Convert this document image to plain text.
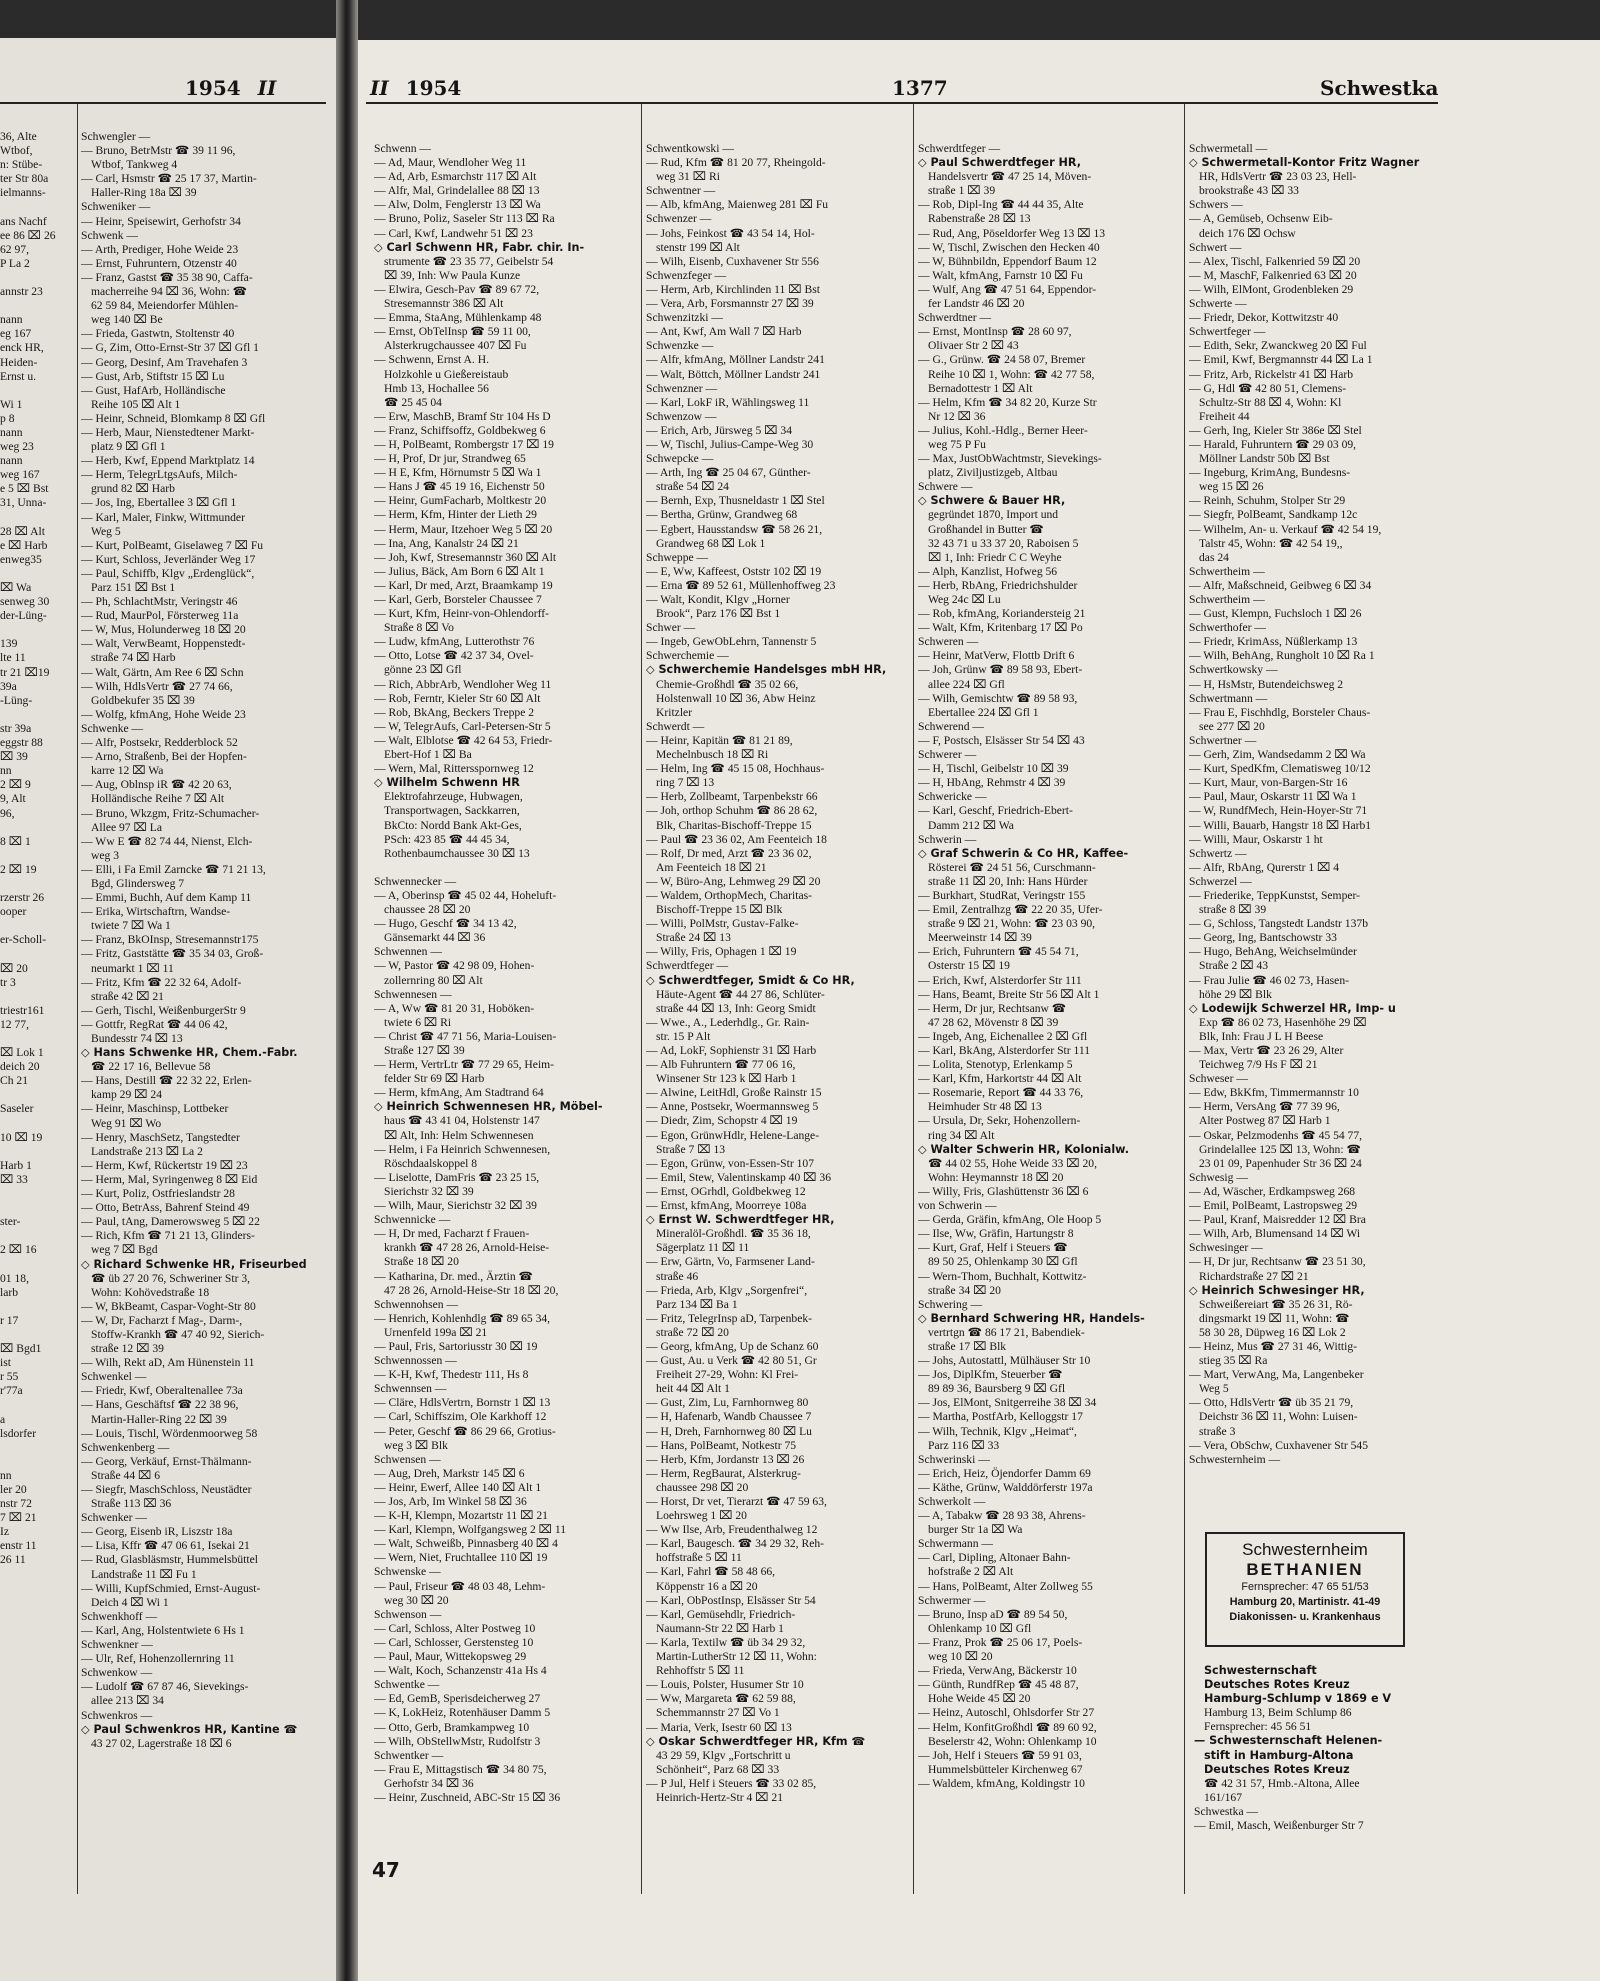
1954 II
36, Alte
Wtbof,
n: Stübe-
ter Str 80a
ielmanns-
ans Nachf
ee 86 ⌧ 26
62 97,
P La 2
annstr 23
nann
eg 167
enck HR,
Heiden-
Ernst u.
Wi 1
p 8
nann
weg 23
nann
weg 167
e 5 ⌧ Bst
31, Unna-
28 ⌧ Alt
e ⌧ Harb
enweg35
⌧ Wa
senweg 30
der-Lüng-
139
lte 11
tr 21 ⌧19
39a
-Lüng-
str 39a
eggstr 88
⌧ 39
nn
2 ⌧ 9
9, Alt
96,
8 ⌧ 1
2 ⌧ 19
rzerstr 26
ooper
er-Scholl-
⌧ 20
tr 3
triestr161
12 77,
⌧ Lok 1
deich 20
Ch 21
Saseler
10 ⌧ 19
Harb 1
⌧ 33
ster-
2 ⌧ 16
01 18,
larb
r 17
⌧ Bgd1
ist
r 55
r'77a
a
lsdorfer
nn
ler 20
nstr 72
7 ⌧ 21
Iz
enstr 11
26 11
Schwengler —
— Bruno, BetrMstr ☎ 39 11 96,
Wtbof, Tankweg 4
— Carl, Hsmstr ☎ 25 17 37, Martin-
Haller-Ring 18a ⌧ 39
Schweniker —
— Heinr, Speisewirt, Gerhofstr 34
Schwenk —
— Arth, Prediger, Hohe Weide 23
— Ernst, Fuhruntern, Otzenstr 40
— Franz, Gastst ☎ 35 38 90, Caffa-
macherreihe 94 ⌧ 36, Wohn: ☎
62 59 84, Meiendorfer Mühlen-
weg 140 ⌧ Be
— Frieda, Gastwtn, Stoltenstr 40
— G, Zim, Otto-Ernst-Str 37 ⌧ Gfl 1
— Georg, Desinf, Am Travehafen 3
— Gust, Arb, Stiftstr 15 ⌧ Lu
— Gust, HafArb, Holländische
Reihe 105 ⌧ Alt 1
— Heinr, Schneid, Blomkamp 8 ⌧ Gfl
— Herb, Maur, Nienstedtener Markt-
platz 9 ⌧ Gfl 1
— Herb, Kwf, Eppend Marktplatz 14
— Herm, TelegrLtgsAufs, Milch-
grund 82 ⌧ Harb
— Jos, Ing, Ebertallee 3 ⌧ Gfl 1
— Karl, Maler, Finkw, Wittmunder
Weg 5
— Kurt, PolBeamt, Giselaweg 7 ⌧ Fu
— Kurt, Schloss, Jeverländer Weg 17
— Paul, Schiffb, Klgv „Erdenglück“,
Parz 151 ⌧ Bst 1
— Ph, SchlachtMstr, Veringstr 46
— Rud, MaurPol, Försterweg 11a
— W, Mus, Holunderweg 18 ⌧ 20
— Walt, VerwBeamt, Hoppenstedt-
straße 74 ⌧ Harb
— Walt, Gärtn, Am Ree 6 ⌧ Schn
— Wilh, HdlsVertr ☎ 27 74 66,
Goldbekufer 35 ⌧ 39
— Wolfg, kfmAng, Hohe Weide 23
Schwenke —
— Alfr, Postsekr, Redderblock 52
— Arno, Straßenb, Bei der Hopfen-
karre 12 ⌧ Wa
— Aug, Oblnsp iR ☎ 42 20 63,
Holländische Reihe 7 ⌧ Alt
— Bruno, Wkzgm, Fritz-Schumacher-
Allee 97 ⌧ La
— Ww E ☎ 82 74 44, Nienst, Elch-
weg 3
— Elli, i Fa Emil Zarncke ☎ 71 21 13,
Bgd, Glindersweg 7
— Emmi, Buchh, Auf dem Kamp 11
— Erika, Wirtschaftrn, Wandse-
twiete 7 ⌧ Wa 1
— Franz, BkOInsp, Stresemannstr175
— Fritz, Gaststätte ☎ 35 34 03, Groß-
neumarkt 1 ⌧ 11
— Fritz, Kfm ☎ 22 32 64, Adolf-
straße 42 ⌧ 21
— Gerh, Tischl, WeißenburgerStr 9
— Gottfr, RegRat ☎ 44 06 42,
Bundesstr 74 ⌧ 13
◇ Hans Schwenke HR, Chem.-Fabr.
☎ 22 17 16, Bellevue 58
— Hans, Destill ☎ 22 32 22, Erlen-
kamp 29 ⌧ 24
— Heinr, Maschinsp, Lottbeker
Weg 91 ⌧ Wo
— Henry, MaschSetz, Tangstedter
Landstraße 213 ⌧ La 2
— Herm, Kwf, Rückertstr 19 ⌧ 23
— Herm, Mal, Syringenweg 8 ⌧ Eid
— Kurt, Poliz, Ostfrieslandstr 28
— Otto, BetrAss, Bahrenf Steind 49
— Paul, tAng, Damerowsweg 5 ⌧ 22
— Rich, Kfm ☎ 71 21 13, Glinders-
weg 7 ⌧ Bgd
◇ Richard Schwenke HR, Friseurbed
☎ üb 27 20 76, Schweriner Str 3,
Wohn: Kohövedstraße 18
— W, BkBeamt, Caspar-Voght-Str 80
— W, Dr, Facharzt f Mag-, Darm-,
Stoffw-Krankh ☎ 47 40 92, Sierich-
straße 12 ⌧ 39
— Wilh, Rekt aD, Am Hünenstein 11
Schwenkel —
— Friedr, Kwf, Oberaltenallee 73a
— Hans, Geschäftsf ☎ 22 38 96,
Martin-Haller-Ring 22 ⌧ 39
— Louis, Tischl, Wördenmoorweg 58
Schwenkenberg —
— Georg, Verkäuf, Ernst-Thälmann-
Straße 44 ⌧ 6
— Siegfr, MaschSchloss, Neustädter
Straße 113 ⌧ 36
Schwenker —
— Georg, Eisenb iR, Liszstr 18a
— Lisa, Kffr ☎ 47 06 61, Isekai 21
— Rud, Glasbläsmstr, Hummelsbüttel
Landstraße 11 ⌧ Fu 1
— Willi, KupfSchmied, Ernst-August-
Deich 4 ⌧ Wi 1
Schwenkhoff —
— Karl, Ang, Holstentwiete 6 Hs 1
Schwenkner —
— Ulr, Ref, Hohenzollernring 11
Schwenkow —
— Ludolf ☎ 67 87 46, Sievekings-
allee 213 ⌧ 34
Schwenkros —
◇ Paul Schwenkros HR, Kantine ☎
43 27 02, Lagerstraße 18 ⌧ 6
II 1954	1377	Schwestka
Schwenn —
— Ad, Maur, Wendloher Weg 11
— Ad, Arb, Esmarchstr 117 ⌧ Alt
— Alfr, Mal, Grindelallee 88 ⌧ 13
— Alw, Dolm, Fenglerstr 13 ⌧ Wa
— Bruno, Poliz, Saseler Str 113 ⌧ Ra
— Carl, Kwf, Landwehr 51 ⌧ 23
◇ Carl Schwenn HR, Fabr. chir. In-
strumente ☎ 23 35 77, Geibelstr 54
⌧ 39, Inh: Ww Paula Kunze
— Elwira, Gesch-Pav ☎ 89 67 72,
Stresemannstr 386 ⌧ Alt
— Emma, StaAng, Mühlenkamp 48
— Ernst, ObTelInsp ☎ 59 11 00,
Alsterkrugchaussee 407 ⌧ Fu
— Schwenn, Ernst A. H.
Holzkohle u Gießereistaub
Hmb 13, Hochallee 56
☎ 25 45 04
— Erw, MaschB, Bramf Str 104 Hs D
— Franz, Schiffsoffz, Goldbekweg 6
— H, PolBeamt, Rombergstr 17 ⌧ 19
— H, Prof, Dr jur, Strandweg 65
— H E, Kfm, Hörnumstr 5 ⌧ Wa 1
— Hans J ☎ 45 19 16, Eichenstr 50
— Heinr, GumFacharb, Moltkestr 20
— Herm, Kfm, Hinter der Lieth 29
— Herm, Maur, Itzehoer Weg 5 ⌧ 20
— Ina, Ang, Kanalstr 24 ⌧ 21
— Joh, Kwf, Stresemannstr 360 ⌧ Alt
— Julius, Bäck, Am Born 6 ⌧ Alt 1
— Karl, Dr med, Arzt, Braamkamp 19
— Karl, Gerb, Borsteler Chaussee 7
— Kurt, Kfm, Heinr-von-Ohlendorff-
Straße 8 ⌧ Vo
— Ludw, kfmAng, Lutterothstr 76
— Otto, Lotse ☎ 42 37 34, Ovel-
gönne 23 ⌧ Gfl
— Rich, AbbrArb, Wendloher Weg 11
— Rob, Ferntr, Kieler Str 60 ⌧ Alt
— Rob, BkAng, Beckers Treppe 2
— W, TelegrAufs, Carl-Petersen-Str 5
— Walt, Elblotse ☎ 42 64 53, Friedr-
Ebert-Hof 1 ⌧ Ba
— Wern, Mal, Rittersspornweg 12
◇ Wilhelm Schwenn HR
Elektrofahrzeuge, Hubwagen,
Transportwagen, Sackkarren,
BkCto: Nordd Bank Akt-Ges,
PSch: 423 85 ☎ 44 45 34,
Rothenbaumchaussee 30 ⌧ 13
Schwennecker —
— A, Oberinsp ☎ 45 02 44, Hoheluft-
chaussee 28 ⌧ 20
— Hugo, Geschf ☎ 34 13 42,
Gänsemarkt 44 ⌧ 36
Schwennen —
— W, Pastor ☎ 42 98 09, Hohen-
zollernring 80 ⌧ Alt
Schwennesen —
— A, Ww ☎ 81 20 31, Hoböken-
twiete 6 ⌧ Ri
— Christ ☎ 47 71 56, Maria-Louisen-
Straße 127 ⌧ 39
— Herm, VertrLtr ☎ 77 29 65, Heim-
felder Str 69 ⌧ Harb
— Herm, kfmAng, Am Stadtrand 64
◇ Heinrich Schwennesen HR, Möbel-
haus ☎ 43 41 04, Holstenstr 147
⌧ Alt, Inh: Helm Schwennesen
— Helm, i Fa Heinrich Schwennesen,
Röschdaalskoppel 8
— Liselotte, DamFris ☎ 23 25 15,
Sierichstr 32 ⌧ 39
— Wilh, Maur, Sierichstr 32 ⌧ 39
Schwennicke —
— H, Dr med, Facharzt f Frauen-
krankh ☎ 47 28 26, Arnold-Heise-
Straße 18 ⌧ 20
— Katharina, Dr. med., Ärztin ☎
47 28 26, Arnold-Heise-Str 18 ⌧ 20,
Schwennohsen —
— Henrich, Kohlenhdlg ☎ 89 65 34,
Urnenfeld 199a ⌧ 21
— Paul, Fris, Sartoriusstr 30 ⌧ 19
Schwennossen —
— K-H, Kwf, Thedestr 111, Hs 8
Schwennsen —
— Cläre, HdlsVertrn, Bornstr 1 ⌧ 13
— Carl, Schiffszim, Ole Karkhoff 12
— Peter, Geschf ☎ 86 29 66, Grotius-
weg 3 ⌧ Blk
Schwensen —
— Aug, Dreh, Markstr 145 ⌧ 6
— Heinr, Ewerf, Allee 140 ⌧ Alt 1
— Jos, Arb, Im Winkel 58 ⌧ 36
— K-H, Klempn, Mozartstr 11 ⌧ 21
— Karl, Klempn, Wolfgangsweg 2 ⌧ 11
— Walt, Schweißb, Pinnasberg 40 ⌧ 4
— Wern, Niet, Fruchtallee 110 ⌧ 19
Schwenske —
— Paul, Friseur ☎ 48 03 48, Lehm-
weg 30 ⌧ 20
Schwenson —
— Carl, Schloss, Alter Postweg 10
— Carl, Schlosser, Gerstensteg 10
— Paul, Maur, Wittekopsweg 29
— Walt, Koch, Schanzenstr 41a Hs 4
Schwentke —
— Ed, GemB, Sperisdeicherweg 27
— K, LokHeiz, Rotenhäuser Damm 5
— Otto, Gerb, Bramkampweg 10
— Wilh, ObStellwMstr, Rudolfstr 3
Schwentker —
— Frau E, Mittagstisch ☎ 34 80 75,
Gerhofstr 34 ⌧ 36
— Heinr, Zuschneid, ABC-Str 15 ⌧ 36
Schwentkowski —
— Rud, Kfm ☎ 81 20 77, Rheingold-
weg 31 ⌧ Ri
Schwentner —
— Alb, kfmAng, Maienweg 281 ⌧ Fu
Schwenzer —
— Johs, Feinkost ☎ 43 54 14, Hol-
stenstr 199 ⌧ Alt
— Wilh, Eisenb, Cuxhavener Str 556
Schwenzfeger —
— Herm, Arb, Kirchlinden 11 ⌧ Bst
— Vera, Arb, Forsmannstr 27 ⌧ 39
Schwenzitzki —
— Ant, Kwf, Am Wall 7 ⌧ Harb
Schwenzke —
— Alfr, kfmAng, Möllner Landstr 241
— Walt, Böttch, Möllner Landstr 241
Schwenzner —
— Karl, LokF iR, Wählingsweg 11
Schwenzow —
— Erich, Arb, Jürsweg 5 ⌧ 34
— W, Tischl, Julius-Campe-Weg 30
Schwepcke —
— Arth, Ing ☎ 25 04 67, Günther-
straße 54 ⌧ 24
— Bernh, Exp, Thusneldastr 1 ⌧ Stel
— Bertha, Grünw, Grandweg 68
— Egbert, Hausstandsw ☎ 58 26 21,
Grandweg 68 ⌧ Lok 1
Schweppe —
— E, Ww, Kaffeest, Oststr 102 ⌧ 19
— Erna ☎ 89 52 61, Müllenhoffweg 23
— Walt, Kondit, Klgv „Horner
Brook“, Parz 176 ⌧ Bst 1
Schwer —
— Ingeb, GewObLehrn, Tannenstr 5
Schwerchemie —
◇ Schwerchemie Handelsges mbH HR,
Chemie-Großhdl ☎ 35 02 66,
Holstenwall 10 ⌧ 36, Abw Heinz
Kritzler
Schwerdt —
— Heinr, Kapitän ☎ 81 21 89,
Mechelnbusch 18 ⌧ Ri
— Helm, Ing ☎ 45 15 08, Hochhaus-
ring 7 ⌧ 13
— Herb, Zollbeamt, Tarpenbekstr 66
— Joh, orthop Schuhm ☎ 86 28 62,
Blk, Charitas-Bischoff-Treppe 15
— Paul ☎ 23 36 02, Am Feenteich 18
— Rolf, Dr med, Arzt ☎ 23 36 02,
Am Feenteich 18 ⌧ 21
— W, Büro-Ang, Lehmweg 29 ⌧ 20
— Waldem, OrthopMech, Charitas-
Bischoff-Treppe 15 ⌧ Blk
— Willi, PolMstr, Gustav-Falke-
Straße 24 ⌧ 13
— Willy, Fris, Ophagen 1 ⌧ 19
Schwerdtfeger —
◇ Schwerdtfeger, Smidt & Co HR,
Häute-Agent ☎ 44 27 86, Schlüter-
straße 44 ⌧ 13, Inh: Georg Smidt
— Wwe., A., Lederhdlg., Gr. Rain-
str. 15 P Alt
— Ad, LokF, Sophienstr 31 ⌧ Harb
— Alb Fuhruntern ☎ 77 06 16,
Winsener Str 123 k ⌧ Harb 1
— Alwine, LeitHdl, Große Rainstr 15
— Anne, Postsekr, Woermannsweg 5
— Diedr, Zim, Schopstr 4 ⌧ 19
— Egon, GrünwHdlr, Helene-Lange-
Straße 7 ⌧ 13
— Egon, Grünw, von-Essen-Str 107
— Emil, Stew, Valentinskamp 40 ⌧ 36
— Ernst, OGrhdl, Goldbekweg 12
— Ernst, kfmAng, Moorreye 108a
◇ Ernst W. Schwerdtfeger HR,
Mineralöl-Großhdl. ☎ 35 36 18,
Sägerplatz 11 ⌧ 11
— Erw, Gärtn, Vo, Farmsener Land-
straße 46
— Frieda, Arb, Klgv „Sorgenfrei“,
Parz 134 ⌧ Ba 1
— Fritz, TelegrInsp aD, Tarpenbek-
straße 72 ⌧ 20
— Georg, kfmAng, Up de Schanz 60
— Gust, Au. u Verk ☎ 42 80 51, Gr
Freiheit 27-29, Wohn: Kl Frei-
heit 44 ⌧ Alt 1
— Gust, Zim, Lu, Farnhornweg 80
— H, Hafenarb, Wandb Chaussee 7
— H, Dreh, Farnhornweg 80 ⌧ Lu
— Hans, PolBeamt, Notkestr 75
— Herb, Kfm, Jordanstr 13 ⌧ 26
— Herm, RegBaurat, Alsterkrug-
chaussee 298 ⌧ 20
— Horst, Dr vet, Tierarzt ☎ 47 59 63,
Loehrsweg 1 ⌧ 20
— Ww Ilse, Arb, Freudenthalweg 12
— Karl, Baugesch. ☎ 34 29 32, Reh-
hoffstraße 5 ⌧ 11
— Karl, Fahrl ☎ 58 48 66,
Köppenstr 16 a ⌧ 20
— Karl, ObPostInsp, Elsässer Str 54
— Karl, Gemüsehdlr, Friedrich-
Naumann-Str 22 ⌧ Harb 1
— Karla, Textilw ☎ üb 34 29 32,
Martin-LutherStr 12 ⌧ 11, Wohn:
Rehhoffstr 5 ⌧ 11
— Louis, Polster, Husumer Str 10
— Ww, Margareta ☎ 62 59 88,
Schemmannstr 27 ⌧ Vo 1
— Maria, Verk, Isestr 60 ⌧ 13
◇ Oskar Schwerdtfeger HR, Kfm ☎
43 29 59, Klgv „Fortschritt u
Schönheit“, Parz 68 ⌧ 33
— P Jul, Helf i Steuers ☎ 33 02 85,
Heinrich-Hertz-Str 4 ⌧ 21
Schwerdtfeger —
◇ Paul Schwerdtfeger HR,
Handelsvertr ☎ 47 25 14, Möven-
straße 1 ⌧ 39
— Rob, Dipl-Ing ☎ 44 44 35, Alte
Rabenstraße 28 ⌧ 13
— Rud, Ang, Pöseldorfer Weg 13 ⌧ 13
— W, Tischl, Zwischen den Hecken 40
— W, Bühnbildn, Eppendorf Baum 12
— Walt, kfmAng, Farnstr 10 ⌧ Fu
— Wulf, Ang ☎ 47 51 64, Eppendor-
fer Landstr 46 ⌧ 20
Schwerdtner —
— Ernst, MontInsp ☎ 28 60 97,
Olivaer Str 2 ⌧ 43
— G., Grünw. ☎ 24 58 07, Bremer
Reihe 10 ⌧ 1, Wohn: ☎ 42 77 58,
Bernadottestr 1 ⌧ Alt
— Helm, Kfm ☎ 34 82 20, Kurze Str
Nr 12 ⌧ 36
— Julius, Kohl.-Hdlg., Berner Heer-
weg 75 P Fu
— Max, JustObWachtmstr, Sievekings-
platz, Ziviljustizgeb, Altbau
Schwere —
◇ Schwere & Bauer HR,
gegründet 1870, Import und
Großhandel in Butter ☎
32 43 71 u 33 37 20, Raboisen 5
⌧ 1, Inh: Friedr C C Weyhe
— Alph, Kanzlist, Hofweg 56
— Herb, RbAng, Friedrichshulder
Weg 24c ⌧ Lu
— Rob, kfmAng, Koriandersteig 21
— Walt, Kfm, Kritenbarg 17 ⌧ Po
Schweren —
— Heinr, MatVerw, Flottb Drift 6
— Joh, Grünw ☎ 89 58 93, Ebert-
allee 224 ⌧ Gfl
— Wilh, Gemischtw ☎ 89 58 93,
Ebertallee 224 ⌧ Gfl 1
Schwerend —
— F, Postsch, Elsässer Str 54 ⌧ 43
Schwerer —
— H, Tischl, Geibelstr 10 ⌧ 39
— H, HbAng, Rehmstr 4 ⌧ 39
Schwericke —
— Karl, Geschf, Friedrich-Ebert-
Damm 212 ⌧ Wa
Schwerin —
◇ Graf Schwerin & Co HR, Kaffee-
Rösterei ☎ 24 51 56, Curschmann-
straße 11 ⌧ 20, Inh: Hans Hürder
— Burkhart, StudRat, Veringstr 155
— Emil, Zentralhzg ☎ 22 20 35, Ufer-
straße 9 ⌧ 21, Wohn: ☎ 23 03 90,
Meerweinstr 14 ⌧ 39
— Erich, Fuhruntern ☎ 45 54 71,
Osterstr 15 ⌧ 19
— Erich, Kwf, Alsterdorfer Str 111
— Hans, Beamt, Breite Str 56 ⌧ Alt 1
— Herm, Dr jur, Rechtsanw ☎
47 28 62, Mövenstr 8 ⌧ 39
— Ingeb, Ang, Eichenallee 2 ⌧ Gfl
— Karl, BkAng, Alsterdorfer Str 111
— Lolita, Stenotyp, Erlenkamp 5
— Karl, Kfm, Harkortstr 44 ⌧ Alt
— Rosemarie, Report ☎ 44 33 76,
Heimhuder Str 48 ⌧ 13
— Ursula, Dr, Sekr, Hohenzollern-
ring 34 ⌧ Alt
◇ Walter Schwerin HR, Kolonialw.
☎ 44 02 55, Hohe Weide 33 ⌧ 20,
Wohn: Heymannstr 18 ⌧ 20
— Willy, Fris, Glashüttenstr 36 ⌧ 6
von Schwerin —
— Gerda, Gräfin, kfmAng, Ole Hoop 5
— Ilse, Ww, Gräfin, Hartungstr 8
— Kurt, Graf, Helf i Steuers ☎
89 50 25, Ohlenkamp 30 ⌧ Gfl
— Wern-Thom, Buchhalt, Kottwitz-
straße 34 ⌧ 20
Schwering —
◇ Bernhard Schwering HR, Handels-
vertrtgn ☎ 86 17 21, Babendiek-
straße 17 ⌧ Blk
— Johs, Autostattl, Mülhäuser Str 10
— Jos, DiplKfm, Steuerber ☎
89 89 36, Baursberg 9 ⌧ Gfl
— Jos, ElMont, Snitgerreihe 38 ⌧ 34
— Martha, PostfArb, Kelloggstr 17
— Wilh, Technik, Klgv „Heimat“,
Parz 116 ⌧ 33
Schwerinski —
— Erich, Heiz, Öjendorfer Damm 69
— Käthe, Grünw, Walddörferstr 197a
Schwerkolt —
— A, Tabakw ☎ 28 93 38, Ahrens-
burger Str 1a ⌧ Wa
Schwermann —
— Carl, Dipling, Altonaer Bahn-
hofstraße 2 ⌧ Alt
— Hans, PolBeamt, Alter Zollweg 55
Schwermer —
— Bruno, Insp aD ☎ 89 54 50,
Ohlenkamp 10 ⌧ Gfl
— Franz, Prok ☎ 25 06 17, Poels-
weg 10 ⌧ 20
— Frieda, VerwAng, Bäckerstr 10
— Günth, RundfRep ☎ 45 48 87,
Hohe Weide 45 ⌧ 20
— Heinz, Autoschl, Ohlsdorfer Str 27
— Helm, KonfitGroßhdl ☎ 89 60 92,
Beselerstr 42, Wohn: Ohlenkamp 10
— Joh, Helf i Steuers ☎ 59 91 03,
Hummelsbütteler Kirchenweg 67
— Waldem, kfmAng, Koldingstr 10
Schwermetall —
◇ Schwermetall-Kontor Fritz Wagner
HR, HdlsVertr ☎ 23 03 23, Hell-
brookstraße 43 ⌧ 33
Schwers —
— A, Gemüseb, Ochsenw Eib-
deich 176 ⌧ Ochsw
Schwert —
— Alex, Tischl, Falkenried 59 ⌧ 20
— M, MaschF, Falkenried 63 ⌧ 20
— Wilh, ElMont, Grodenbleken 29
Schwerte —
— Friedr, Dekor, Kottwitzstr 40
Schwertfeger —
— Edith, Sekr, Zwanckweg 20 ⌧ Ful
— Emil, Kwf, Bergmannstr 44 ⌧ La 1
— Fritz, Arb, Rickelstr 41 ⌧ Harb
— G, Hdl ☎ 42 80 51, Clemens-
Schultz-Str 88 ⌧ 4, Wohn: Kl
Freiheit 44
— Gerh, Ing, Kieler Str 386e ⌧ Stel
— Harald, Fuhruntern ☎ 29 03 09,
Möllner Landstr 50b ⌧ Bst
— Ingeburg, KrimAng, Bundesns-
weg 15 ⌧ 26
— Reinh, Schuhm, Stolper Str 29
— Siegfr, PolBeamt, Sandkamp 12c
— Wilhelm, An- u. Verkauf ☎ 42 54 19,
Talstr 45, Wohn: ☎ 42 54 19,,
das 24
Schwertheim —
— Alfr, Maßschneid, Geibweg 6 ⌧ 34
Schwertheim —
— Gust, Klempn, Fuchsloch 1 ⌧ 26
Schwerthofer —
— Friedr, KrimAss, Nüßlerkamp 13
— Wilh, BehAng, Rungholt 10 ⌧ Ra 1
Schwertkowsky —
— H, HsMstr, Butendeichsweg 2
Schwertmann —
— Frau E, Fischhdlg, Borsteler Chaus-
see 277 ⌧ 20
Schwertner —
— Gerh, Zim, Wandsedamm 2 ⌧ Wa
— Kurt, SpedKfm, Clematisweg 10/12
— Kurt, Maur, von-Bargen-Str 16
— Paul, Maur, Oskarstr 11 ⌧ Wa 1
— W, RundfMech, Hein-Hoyer-Str 71
— Willi, Bauarb, Hangstr 18 ⌧ Harb1
— Willi, Maur, Oskarstr 1 ht
Schwertz —
— Alfr, RbAng, Qurerstr 1 ⌧ 4
Schwerzel —
— Friederike, TeppKunstst, Semper-
straße 8 ⌧ 39
— G, Schloss, Tangstedt Landstr 137b
— Georg, Ing, Bantschowstr 33
— Hugo, BehAng, Weichselmünder
Straße 2 ⌧ 43
— Frau Julie ☎ 46 02 73, Hasen-
höhe 29 ⌧ Blk
◇ Lodewijk Schwerzel HR, Imp- u
Exp ☎ 86 02 73, Hasenhöhe 29 ⌧
Blk, Inh: Frau J L H Beese
— Max, Vertr ☎ 23 26 29, Alter
Teichweg 7/9 Hs F ⌧ 21
Schweser —
— Edw, BkKfm, Timmermannstr 10
— Herm, VersAng ☎ 77 39 96,
Alter Postweg 87 ⌧ Harb 1
— Oskar, Pelzmodenhs ☎ 45 54 77,
Grindelallee 125 ⌧ 13, Wohn: ☎
23 01 09, Papenhuder Str 36 ⌧ 24
Schwesig —
— Ad, Wäscher, Erdkampsweg 268
— Emil, PolBeamt, Lastropsweg 29
— Paul, Kranf, Maisredder 12 ⌧ Bra
— Wilh, Arb, Blumensand 14 ⌧ Wi
Schwesinger —
— H, Dr jur, Rechtsanw ☎ 23 51 30,
Richardstraße 27 ⌧ 21
◇ Heinrich Schwesinger HR,
Schweißereiart ☎ 35 26 31, Rö-
dingsmarkt 19 ⌧ 11, Wohn: ☎
58 30 28, Düpweg 16 ⌧ Lok 2
— Heinz, Mus ☎ 27 31 46, Wittig-
stieg 35 ⌧ Ra
— Mart, VerwAng, Ma, Langenbeker
Weg 5
— Otto, HdlsVertr ☎ üb 35 21 79,
Deichstr 36 ⌧ 11, Wohn: Luisen-
straße 3
— Vera, ObSchw, Cuxhavener Str 545
Schwesternheim —
Schwesternheim
BETHANIEN
Fernsprecher: 47 65 51/53
Hamburg 20, Martinistr. 41-49
Diakonissen- u. Krankenhaus
Schwesternschaft
Deutsches Rotes Kreuz
Hamburg-Schlump v 1869 e V
Hamburg 13, Beim Schlump 86
Fernsprecher: 45 56 51
— Schwesternschaft Helenen-
stift in Hamburg-Altona
Deutsches Rotes Kreuz
☎ 42 31 57, Hmb.-Altona, Allee
161/167
Schwestka —
— Emil, Masch, Weißenburger Str 7
47
